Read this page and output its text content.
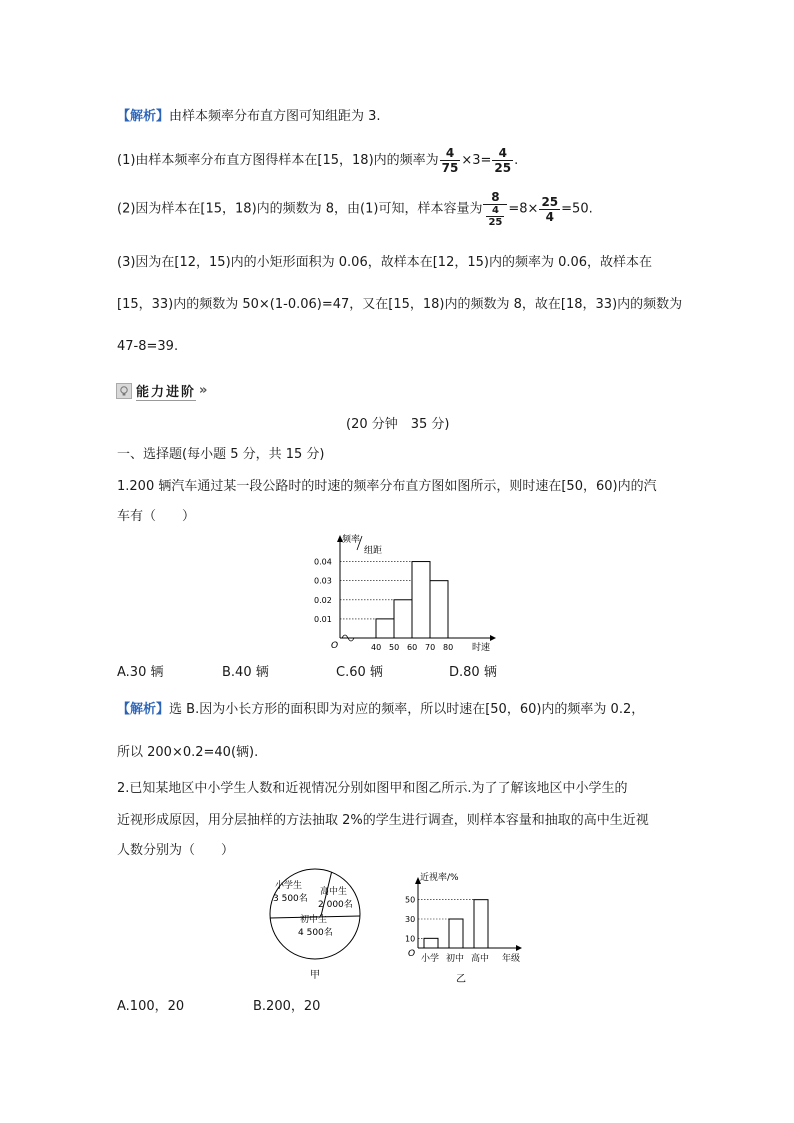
【解析】由样本频率分布直方图可知组距为 3.
(1)由样本频率分布直方图得样本在[15，18)内的频率为 $\frac{4}{75} \times 3= \frac{4}{25}$ .
(2)因为样本在[15，18)内的频数为 8，由(1)可知，样本容量为 $\frac{8}{\frac{4}{25}} =8\times \frac{25}{4} =50$.
(3)因为在[12，15)内的小矩形面积为 0.06，故样本在[12，15)内的频率为 0.06，故样本在
[15，33)内的频数为 50×(1-0.06)=47，又在[15，18)内的频数为 8，故在[18，33)内的频数为
47-8=39.
能力进阶 »
(20 分钟　35 分)
一、选择题(每小题 5 分，共 15 分)
1.200 辆汽车通过某一段公路时的时速的频率分布直方图如图所示，则时速在[50，60)内的汽
车有（　　）
O
频率
组距
时速
0.01
0.02
0.03
0.04
40 50 60 70 80
A.30 辆	B.40 辆	C.60 辆	D.80 辆
【解析】选 B.因为小长方形的面积即为对应的频率，所以时速在[50，60)内的频率为 0.2，
所以 200×0.2=40(辆).
2.已知某地区中小学生人数和近视情况分别如图甲和图乙所示.为了了解该地区中小学生的
近视形成原因，用分层抽样的方法抽取 2%的学生进行调查，则样本容量和抽取的高中生近视
人数分别为（　　）
小学生
3 500名
高中生
2 000名
初中生
4 500名
甲
近视率/%
O	年级
10
小学
30
初中
50
高中
乙
A.100，20	B.200，20
